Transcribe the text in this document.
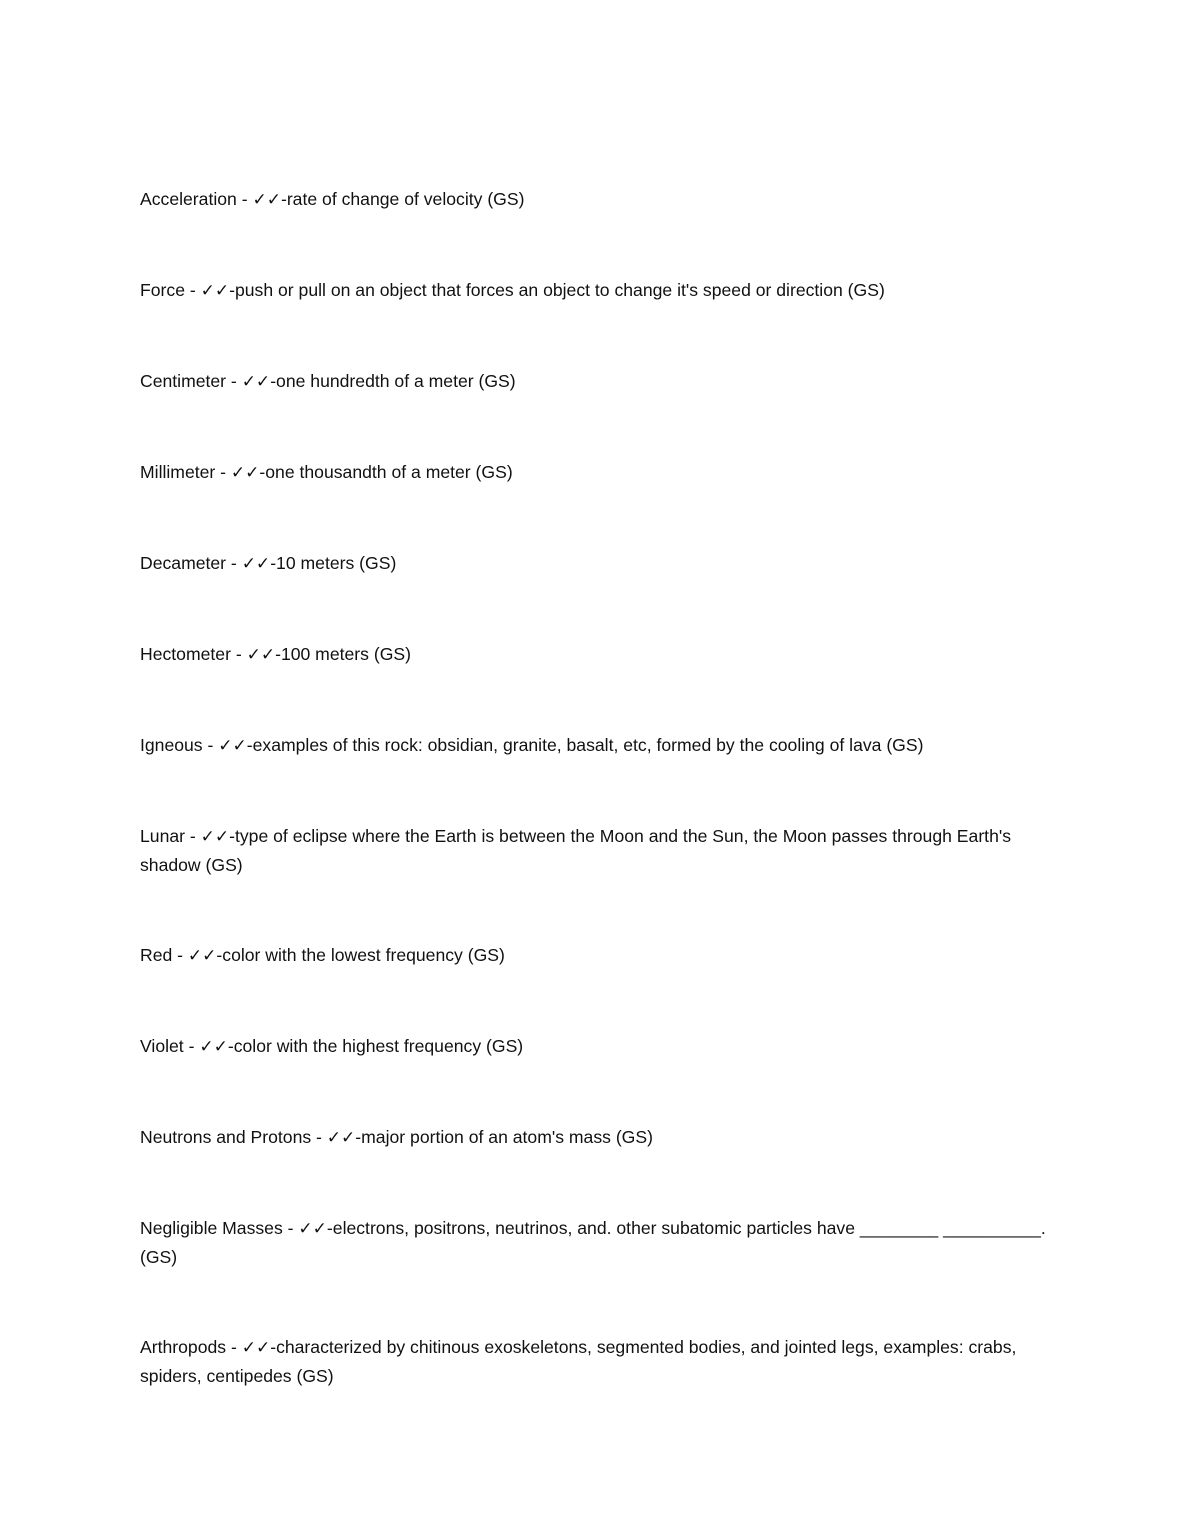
Acceleration - ✓✓-rate of change of velocity (GS)

Force - ✓✓-push or pull on an object that forces an object to change it's speed or direction (GS)

Centimeter - ✓✓-one hundredth of a meter (GS)

Millimeter - ✓✓-one thousandth of a meter (GS)

Decameter - ✓✓-10 meters (GS)

Hectometer - ✓✓-100 meters (GS)

Igneous - ✓✓-examples of this rock: obsidian, granite, basalt, etc, formed by the cooling of lava (GS)

Lunar - ✓✓-type of eclipse where the Earth is between the Moon and the Sun, the Moon passes through Earth's shadow (GS)

Red - ✓✓-color with the lowest frequency (GS)

Violet - ✓✓-color with the highest frequency (GS)

Neutrons and Protons - ✓✓-major portion of an atom's mass (GS)

Negligible Masses - ✓✓-electrons, positrons, neutrinos, and. other subatomic particles have ________ __________. (GS)

Arthropods - ✓✓-characterized by chitinous exoskeletons, segmented bodies, and jointed legs, examples: crabs, spiders, centipedes (GS)
